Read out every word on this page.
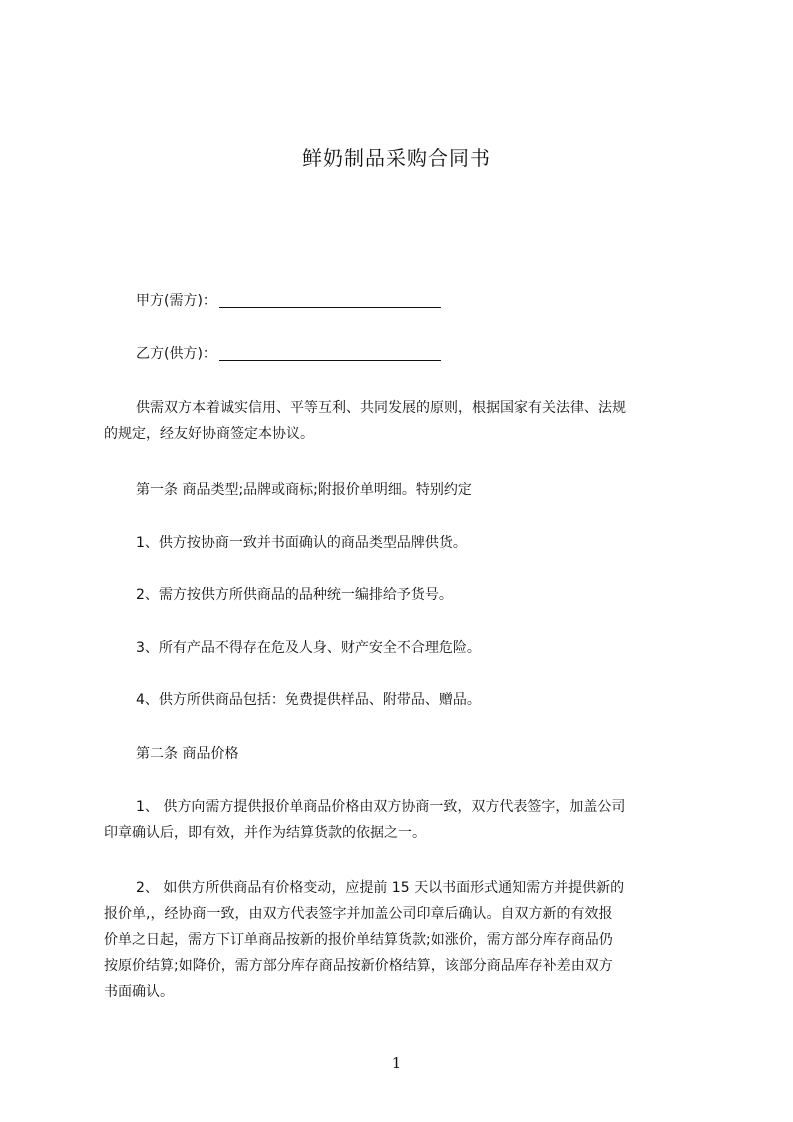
鲜奶制品采购合同书
甲方(需方)：
乙方(供方)：
供需双方本着诚实信用、平等互利、共同发展的原则，根据国家有关法律、法规
的规定，经友好协商签定本协议。
第一条 商品类型;品牌或商标;附报价单明细。特别约定
1、供方按协商一致并书面确认的商品类型品牌供货。
2、需方按供方所供商品的品种统一编排给予货号。
3、所有产品不得存在危及人身、财产安全不合理危险。
4、供方所供商品包括：免费提供样品、附带品、赠品。
第二条 商品价格
1、 供方向需方提供报价单商品价格由双方协商一致，双方代表签字，加盖公司
印章确认后，即有效，并作为结算货款的依据之一。
2、 如供方所供商品有价格变动，应提前 15 天以书面形式通知需方并提供新的
报价单,，经协商一致，由双方代表签字并加盖公司印章后确认。自双方新的有效报
价单之日起，需方下订单商品按新的报价单结算货款;如涨价，需方部分库存商品仍
按原价结算;如降价，需方部分库存商品按新价格结算，该部分商品库存补差由双方
书面确认。
1
